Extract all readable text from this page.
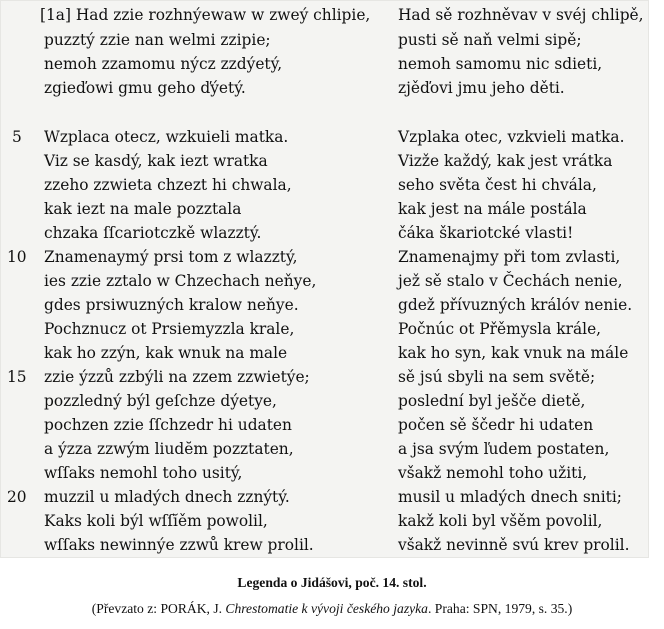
[1a] Had zzie rozhnýewaw w zweý chlipie,
puzztý zzie nan welmi zzipie;
nemoh zzamomu nýcz zzdýetý,
zgieďowi gmu geho ďýetý.
5 Wzplaca otecz, wzkuieli matka.
Viz se kasdý, kak iezt wratka
zzeho zzwieta chzezt hi chwala,
kak iezt na male pozztala
chzaka ſſcariotczkě wlazztý.
10 Znamenaymý prsi tom z wlazztý,
ies zzie zztalo w Chzechach neňye,
gdes prsiwuzných kralow neňye.
Pochznucz ot Prsiemyzzla krale,
kak ho zzýn, kak wnuk na male
15 zzie ýzzů zzbýli na zzem zzwietýe;
pozzledný býl geſchze dýetye,
pochzen zzie ſſchzedr hi udaten
a ýzza zzwým liudĕm pozztaten,
wſſaks nemohl toho usitý,
20 muzzil u mladých dnech zznýtý.
Kaks koli býl wſſĭěm powolil,
wſſaks newinnýe zzwů krew prolil.
Had sě rozhněvav v svéj chlipě,
pusti sě naň velmi sipě;
nemoh samomu nic sdieti,
zjěďovi jmu jeho děti.
Vzplaka otec, vzkvieli matka.
Vizže každý, kak jest vrátka
seho světa čest hi chvála,
kak jest na mále postála
čáka škariotcké vlasti!
Znamenajmy při tom zvlasti,
jež sě stalo v Čechách nenie,
gdež přívuzných králóv nenie.
Počnúc ot Přěmysla krále,
kak ho syn, kak vnuk na mále
sě jsú sbyli na sem světě;
poslední byl ješče dietě,
počen sě ščedr hi udaten
a jsa svým ľudem postaten,
všakž nemohl toho užiti,
musil u mladých dnech sniti;
kakž koli byl všěm povolil,
všakž nevinně svú krev prolil.
Legenda o Jidášovi, poč. 14. stol.
(Převzato z: PORÁK, J. Chrestomatie k vývoji českého jazyka. Praha: SPN, 1979, s. 35.)
